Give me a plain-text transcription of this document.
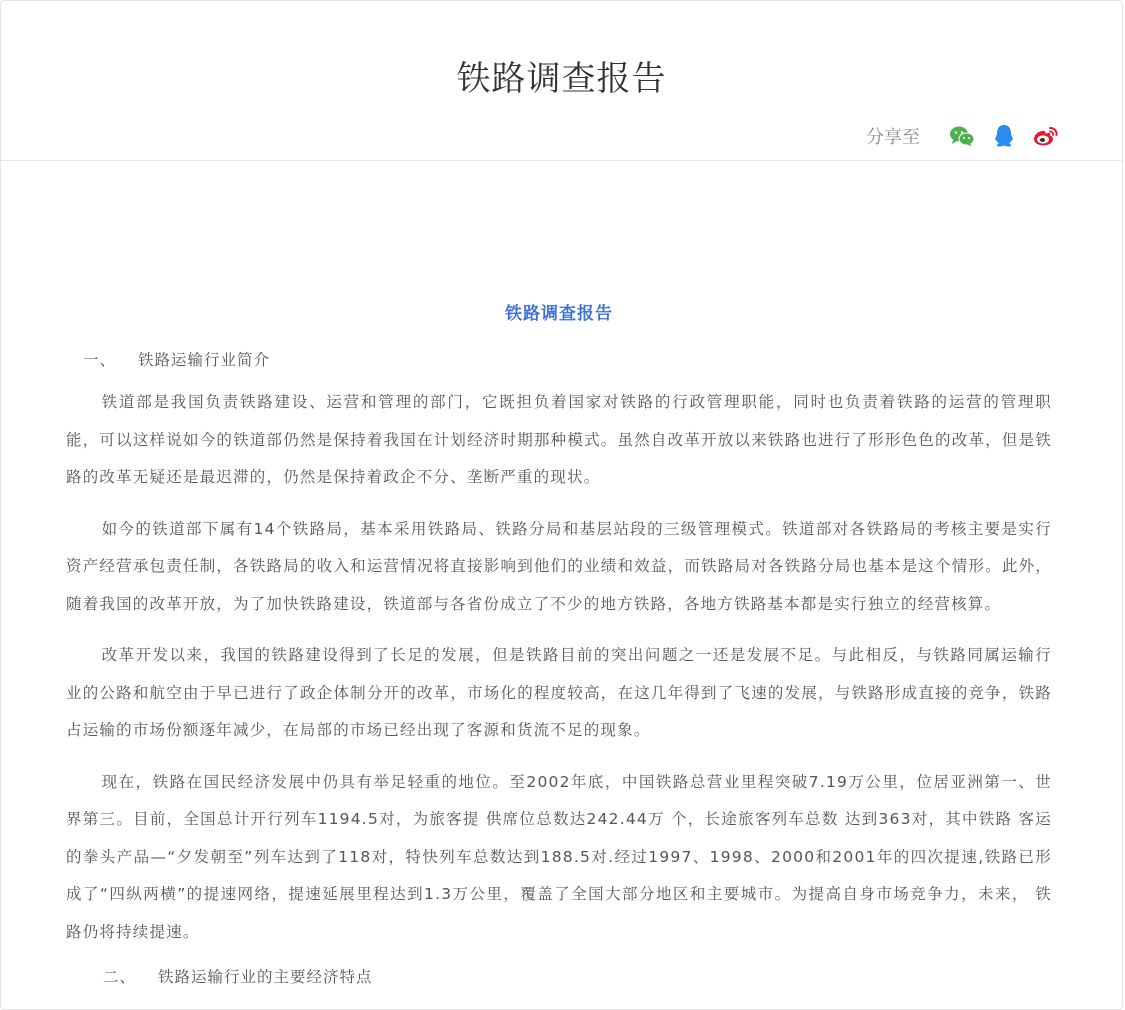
铁路调查报告
分享至
铁路调查报告
一、 铁路运输行业简介

铁道部是我国负责铁路建设、运营和管理的部门，它既担负着国家对铁路的行政管理职能，同时也负责着铁路的运营的管理职能，可以这样说如今的铁道部仍然是保持着我国在计划经济时期那种模式。虽然自改革开放以来铁路也进行了形形色色的改革，但是铁路的改革无疑还是最迟滞的，仍然是保持着政企不分、垄断严重的现状。

如今的铁道部下属有14个铁路局，基本采用铁路局、铁路分局和基层站段的三级管理模式。铁道部对各铁路局的考核主要是实行资产经营承包责任制，各铁路局的收入和运营情况将直接影响到他们的业绩和效益，而铁路局对各铁路分局也基本是这个情形。此外，随着我国的改革开放，为了加快铁路建设，铁道部与各省份成立了不少的地方铁路，各地方铁路基本都是实行独立的经营核算。

改革开发以来，我国的铁路建设得到了长足的发展，但是铁路目前的突出问题之一还是发展不足。与此相反，与铁路同属运输行业的公路和航空由于早已进行了政企体制分开的改革，市场化的程度较高，在这几年得到了飞速的发展，与铁路形成直接的竞争，铁路占运输的市场份额逐年减少，在局部的市场已经出现了客源和货流不足的现象。

现在，铁路在国民经济发展中仍具有举足轻重的地位。至2002年底，中国铁路总营业里程突破7.19万公里，位居亚洲第一、世界第三。目前，全国总计开行列车1194.5对，为旅客提 供席位总数达242.44万 个，长途旅客列车总数 达到363对，其中铁路 客运的拳头产品—“夕发朝至”列车达到了118对，特快列车总数达到188.5对.经过1997、1998、2000和2001年的四次提速,铁路已形成了“四纵两横”的提速网络，提速延展里程达到1.3万公里，覆盖了全国大部分地区和主要城市。为提高自身市场竞争力，未来， 铁路仍将持续提速。

二、 铁路运输行业的主要经济特点
